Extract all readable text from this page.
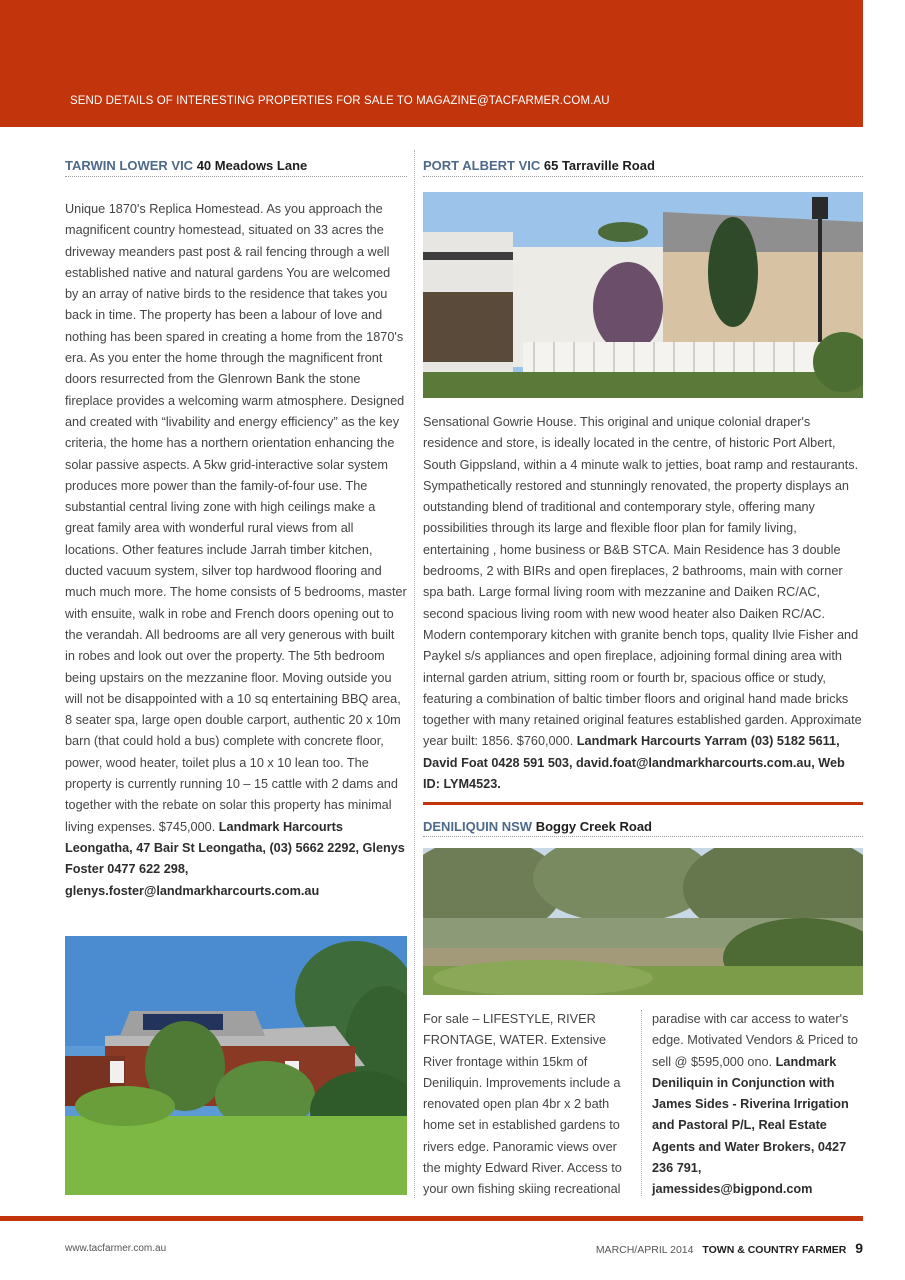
SEND DETAILS OF INTERESTING PROPERTIES FOR SALE TO MAGAZINE@TACFARMER.COM.AU
TARWIN LOWER VIC 40 Meadows Lane
Unique 1870's Replica Homestead. As you approach the magnificent country homestead, situated on 33 acres the driveway meanders past post & rail fencing through a well established native and natural gardens You are welcomed by an array of native birds to the residence that takes you back in time. The property has been a labour of love and nothing has been spared in creating a home from the 1870's era. As you enter the home through the magnificent front doors resurrected from the Glenrown Bank the stone fireplace provides a welcoming warm atmosphere. Designed and created with “livability and energy efficiency” as the key criteria, the home has a northern orientation enhancing the solar passive aspects. A 5kw grid-interactive solar system produces more power than the family-of-four use. The substantial central living zone with high ceilings make a great family area with wonderful rural views from all locations. Other features include Jarrah timber kitchen, ducted vacuum system, silver top hardwood flooring and much much more. The home consists of 5 bedrooms, master with ensuite, walk in robe and French doors opening out to the verandah. All bedrooms are all very generous with built in robes and look out over the property. The 5th bedroom being upstairs on the mezzanine floor. Moving outside you will not be disappointed with a 10 sq entertaining BBQ area, 8 seater spa, large open double carport, authentic 20 x 10m barn (that could hold a bus) complete with concrete floor, power, wood heater, toilet plus a 10 x 10 lean too. The property is currently running 10 – 15 cattle with 2 dams and together with the rebate on solar this property has minimal living expenses. $745,000. Landmark Harcourts Leongatha, 47 Bair St Leongatha, (03) 5662 2292, Glenys Foster 0477 622 298, glenys.foster@landmarkharcourts.com.au
PORT ALBERT VIC 65 Tarraville Road
Sensational Gowrie House. This original and unique colonial draper's residence and store, is ideally located in the centre, of historic Port Albert, South Gippsland, within a 4 minute walk to jetties, boat ramp and restaurants. Sympathetically restored and stunningly renovated, the property displays an outstanding blend of traditional and contemporary style, offering many possibilities through its large and flexible floor plan for family living, entertaining , home business or B&B STCA. Main Residence has 3 double bedrooms, 2 with BIRs and open fireplaces, 2 bathrooms, main with corner spa bath. Large formal living room with mezzanine and Daiken RC/AC, second spacious living room with new wood heater also Daiken RC/AC. Modern contemporary kitchen with granite bench tops, quality Ilvie Fisher and Paykel s/s appliances and open fireplace, adjoining formal dining area with internal garden atrium, sitting room or fourth br, spacious office or study, featuring a combination of baltic timber floors and original hand made bricks together with many retained original features established garden. Approximate year built: 1856. $760,000. Landmark Harcourts Yarram (03) 5182 5611, David Foat 0428 591 503, david.foat@landmarkharcourts.com.au, Web ID: LYM4523.
DENILIQUIN NSW Boggy Creek Road
For sale – LIFESTYLE, RIVER FRONTAGE, WATER. Extensive River frontage within 15km of Deniliquin. Improvements include a renovated open plan 4br x 2 bath home set in established gardens to rivers edge. Panoramic views over the mighty Edward River. Access to your own fishing skiing recreational
paradise with car access to water's edge. Motivated Vendors & Priced to sell @ $595,000 ono. Landmark Deniliquin in Conjunction with James Sides - Riverina Irrigation and Pastoral P/L, Real Estate Agents and Water Brokers, 0427 236 791, jamessides@bigpond.com
www.tacfarmer.com.au	MARCH/APRIL 2014 TOWN & COUNTRY FARMER 9
